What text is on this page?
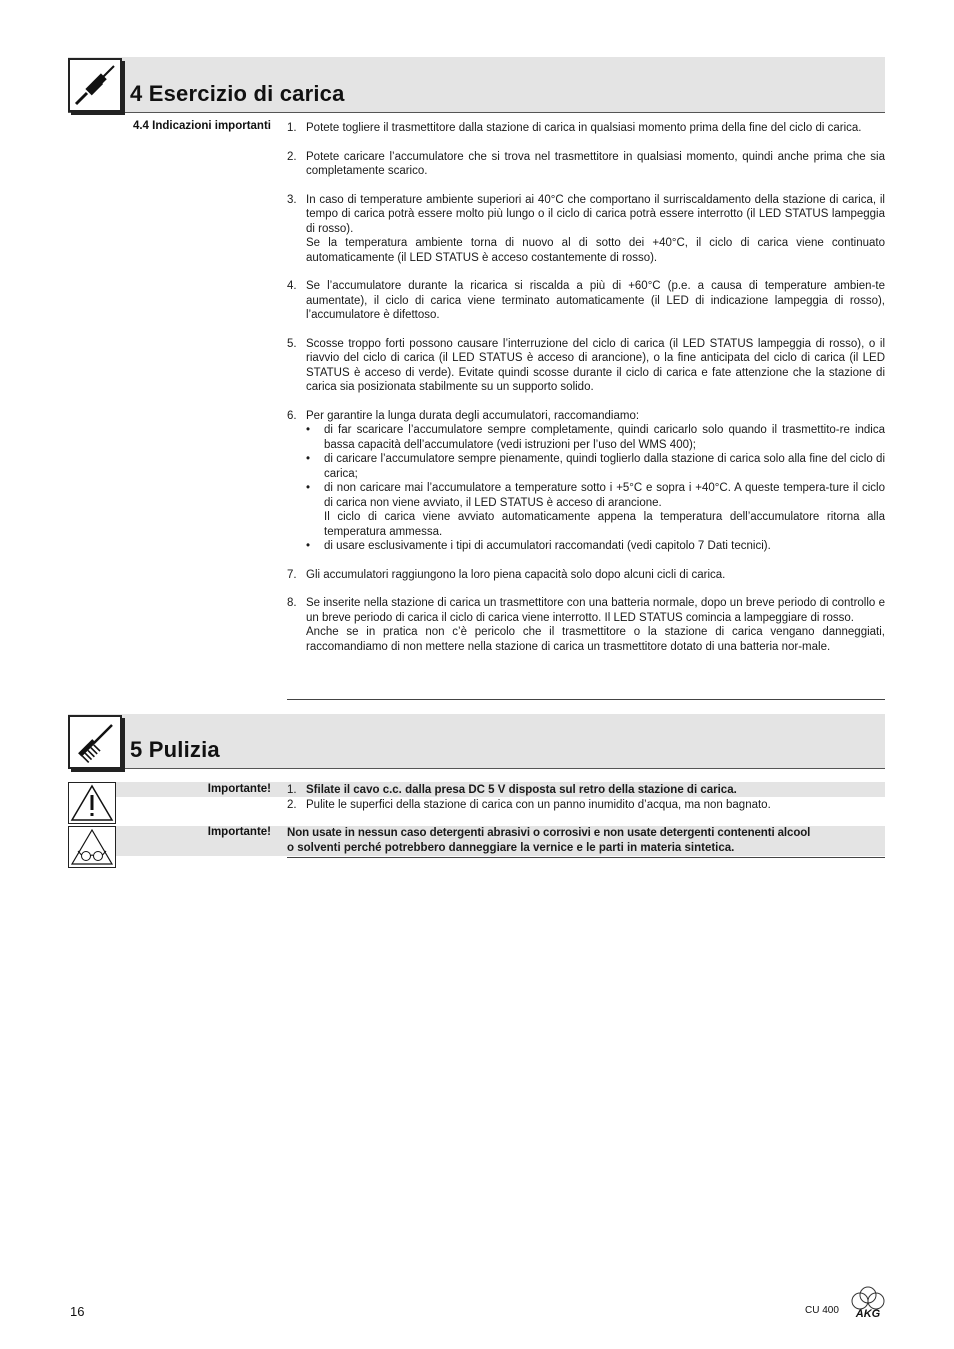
4 Esercizio di carica
4.4 Indicazioni importanti 1. Potete togliere il trasmettitore dalla stazione di carica in qualsiasi momento prima della fine del ciclo di carica.

2. Potete caricare l’accumulatore che si trova nel trasmettitore in qualsiasi momento, quindi anche prima che sia completamente scarico.

3. In caso di temperature ambiente superiori ai 40°C che comportano il surriscaldamento della stazione di carica, il tempo di carica potrà essere molto più lungo o il ciclo di carica potrà essere interrotto (il LED STATUS lampeggia di rosso).

Se la temperatura ambiente torna di nuovo al di sotto dei +40°C, il ciclo di carica viene continuato automaticamente (il LED STATUS è acceso costantemente di rosso).

4. Se l’accumulatore durante la ricarica si riscalda a più di +60°C (p.e. a causa di temperature ambien-te aumentate), il ciclo di carica viene terminato automaticamente (il LED di indicazione lampeggia di rosso), l’accumulatore è difettoso.

5. Scosse troppo forti possono causare l’interruzione del ciclo di carica (il LED STATUS lampeggia di rosso), o il riavvio del ciclo di carica (il LED STATUS è acceso di arancione), o la fine anticipata del ciclo di carica (il LED STATUS è acceso di verde). Evitate quindi scosse durante il ciclo di carica e fate attenzione che la stazione di carica sia posizionata stabilmente su un supporto solido.

6. Per garantire la lunga durata degli accumulatori, raccomandiamo:

•	di far scaricare l’accumulatore sempre completamente, quindi caricarlo solo quando il trasmettito-re indica bassa capacità dell’accumulatore (vedi istruzioni per l’uso del WMS 400);
•	di caricare l’accumulatore sempre pienamente, quindi toglierlo dalla stazione di carica solo alla fine del ciclo di carica;
•	di non caricare mai l’accumulatore a temperature sotto i +5°C e sopra i +40°C. A queste tempera-ture il ciclo di carica non viene avviato, il LED STATUS è acceso di arancione.
Il ciclo di carica viene avviato automaticamente appena la temperatura dell’accumulatore ritorna alla temperatura ammessa.
•	di usare esclusivamente i tipi di accumulatori raccomandati (vedi capitolo 7 Dati tecnici).
7. Gli accumulatori raggiungono la loro piena capacità solo dopo alcuni cicli di carica.

8. Se inserite nella stazione di carica un trasmettitore con una batteria normale, dopo un breve periodo di controllo e un breve periodo di carica il ciclo di carica viene interrotto. Il LED STATUS comincia a lampeggiare di rosso.

Anche se in pratica non c’è pericolo che il trasmettitore o la stazione di carica vengano danneggiati, raccomandiamo di non mettere nella stazione di carica un trasmettitore dotato di una batteria nor-male.

5 Pulizia
Importante! 1. Sfilate il cavo c.c. dalla presa DC 5 V disposta sul retro della stazione di carica.
2. Pulite le superfici della stazione di carica con un panno inumidito d’acqua, ma non bagnato.
Importante! Non usate in nessun caso detergenti abrasivi o corrosivi e non usate detergenti contenenti alcool
o solventi perché potrebbero danneggiare la vernice e le parti in materia sintetica.
16	CU 400 AKG
